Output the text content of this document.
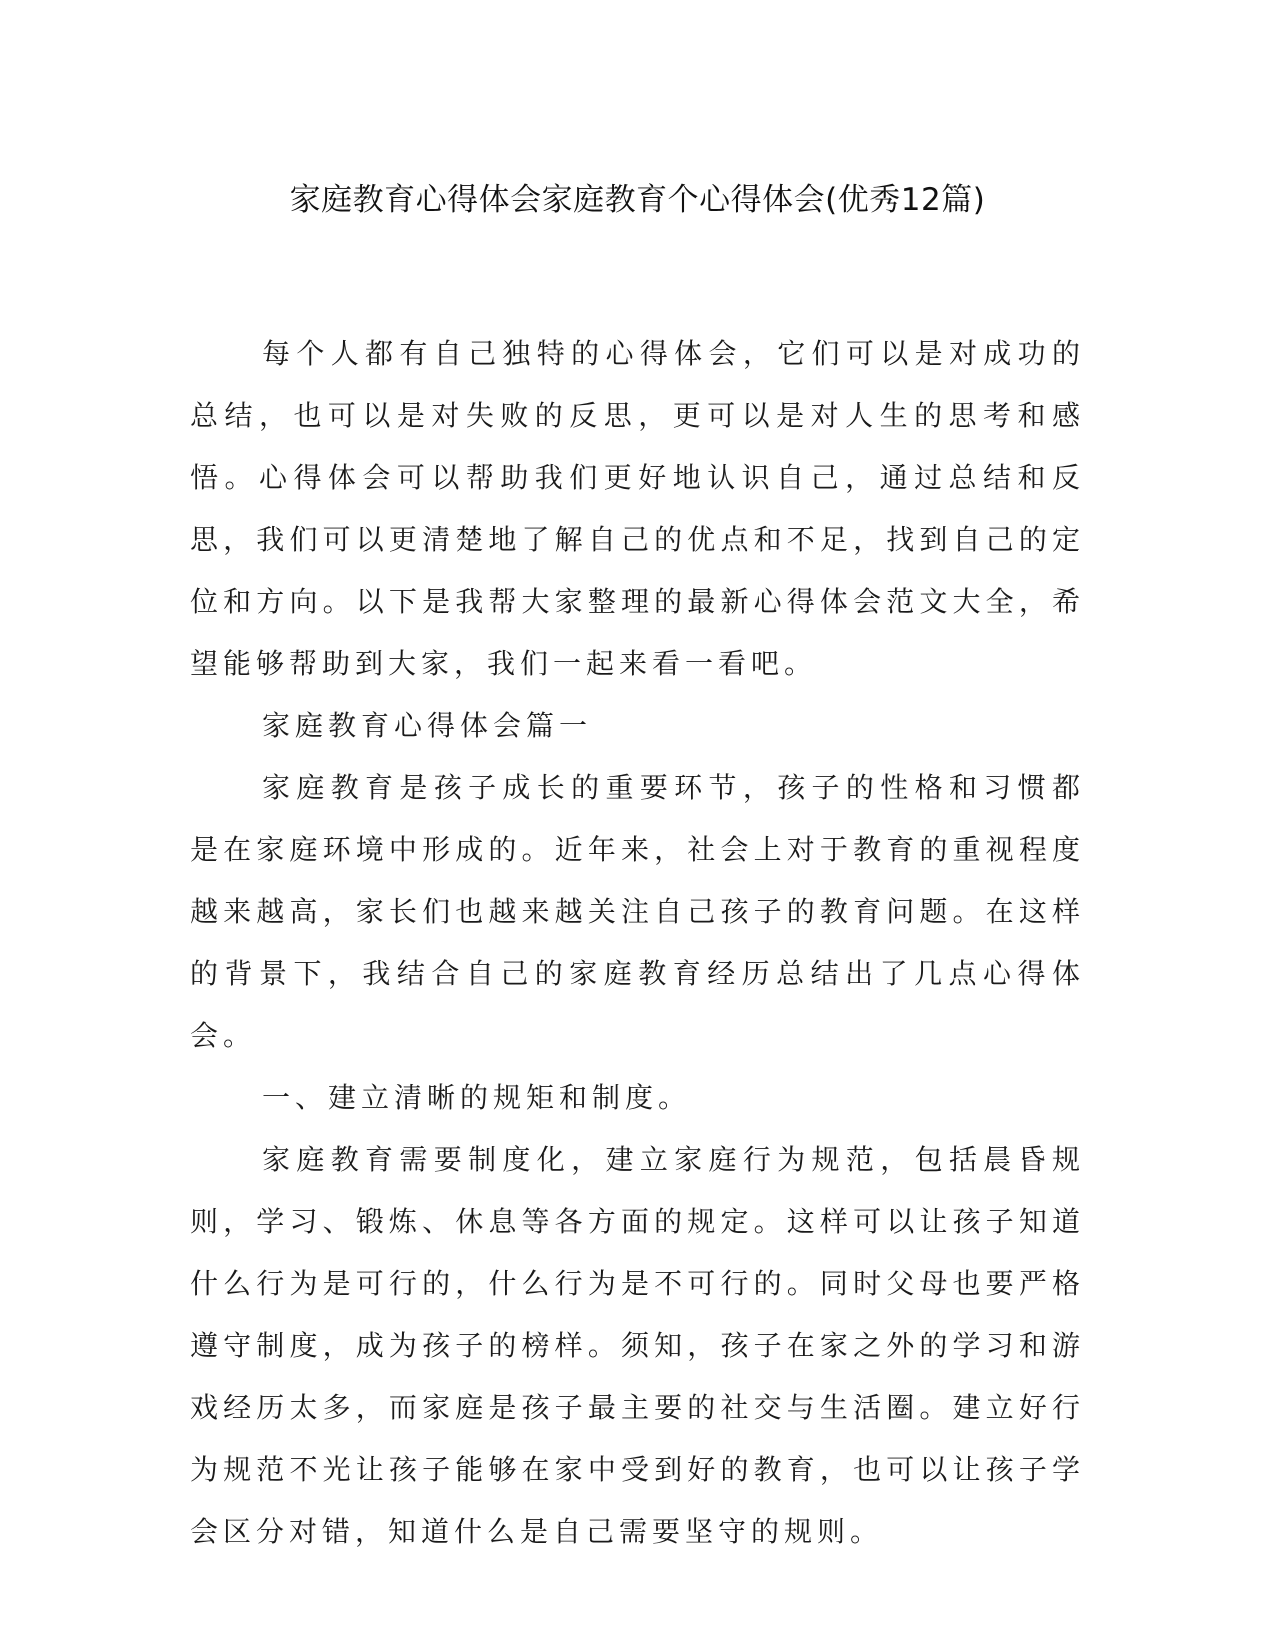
家庭教育心得体会家庭教育个心得体会(优秀12篇)

每个人都有自己独特的心得体会，它们可以是对成功的总结，也可以是对失败的反思，更可以是对人生的思考和感悟。心得体会可以帮助我们更好地认识自己，通过总结和反思，我们可以更清楚地了解自己的优点和不足，找到自己的定位和方向。以下是我帮大家整理的最新心得体会范文大全，希望能够帮助到大家，我们一起来看一看吧。

家庭教育心得体会篇一

家庭教育是孩子成长的重要环节，孩子的性格和习惯都是在家庭环境中形成的。近年来，社会上对于教育的重视程度越来越高，家长们也越来越关注自己孩子的教育问题。在这样的背景下，我结合自己的家庭教育经历总结出了几点心得体会。

一、建立清晰的规矩和制度。

家庭教育需要制度化，建立家庭行为规范，包括晨昏规则，学习、锻炼、休息等各方面的规定。这样可以让孩子知道什么行为是可行的，什么行为是不可行的。同时父母也要严格遵守制度，成为孩子的榜样。须知，孩子在家之外的学习和游戏经历太多，而家庭是孩子最主要的社交与生活圈。建立好行为规范不光让孩子能够在家中受到好的教育，也可以让孩子学会区分对错，知道什么是自己需要坚守的规则。
